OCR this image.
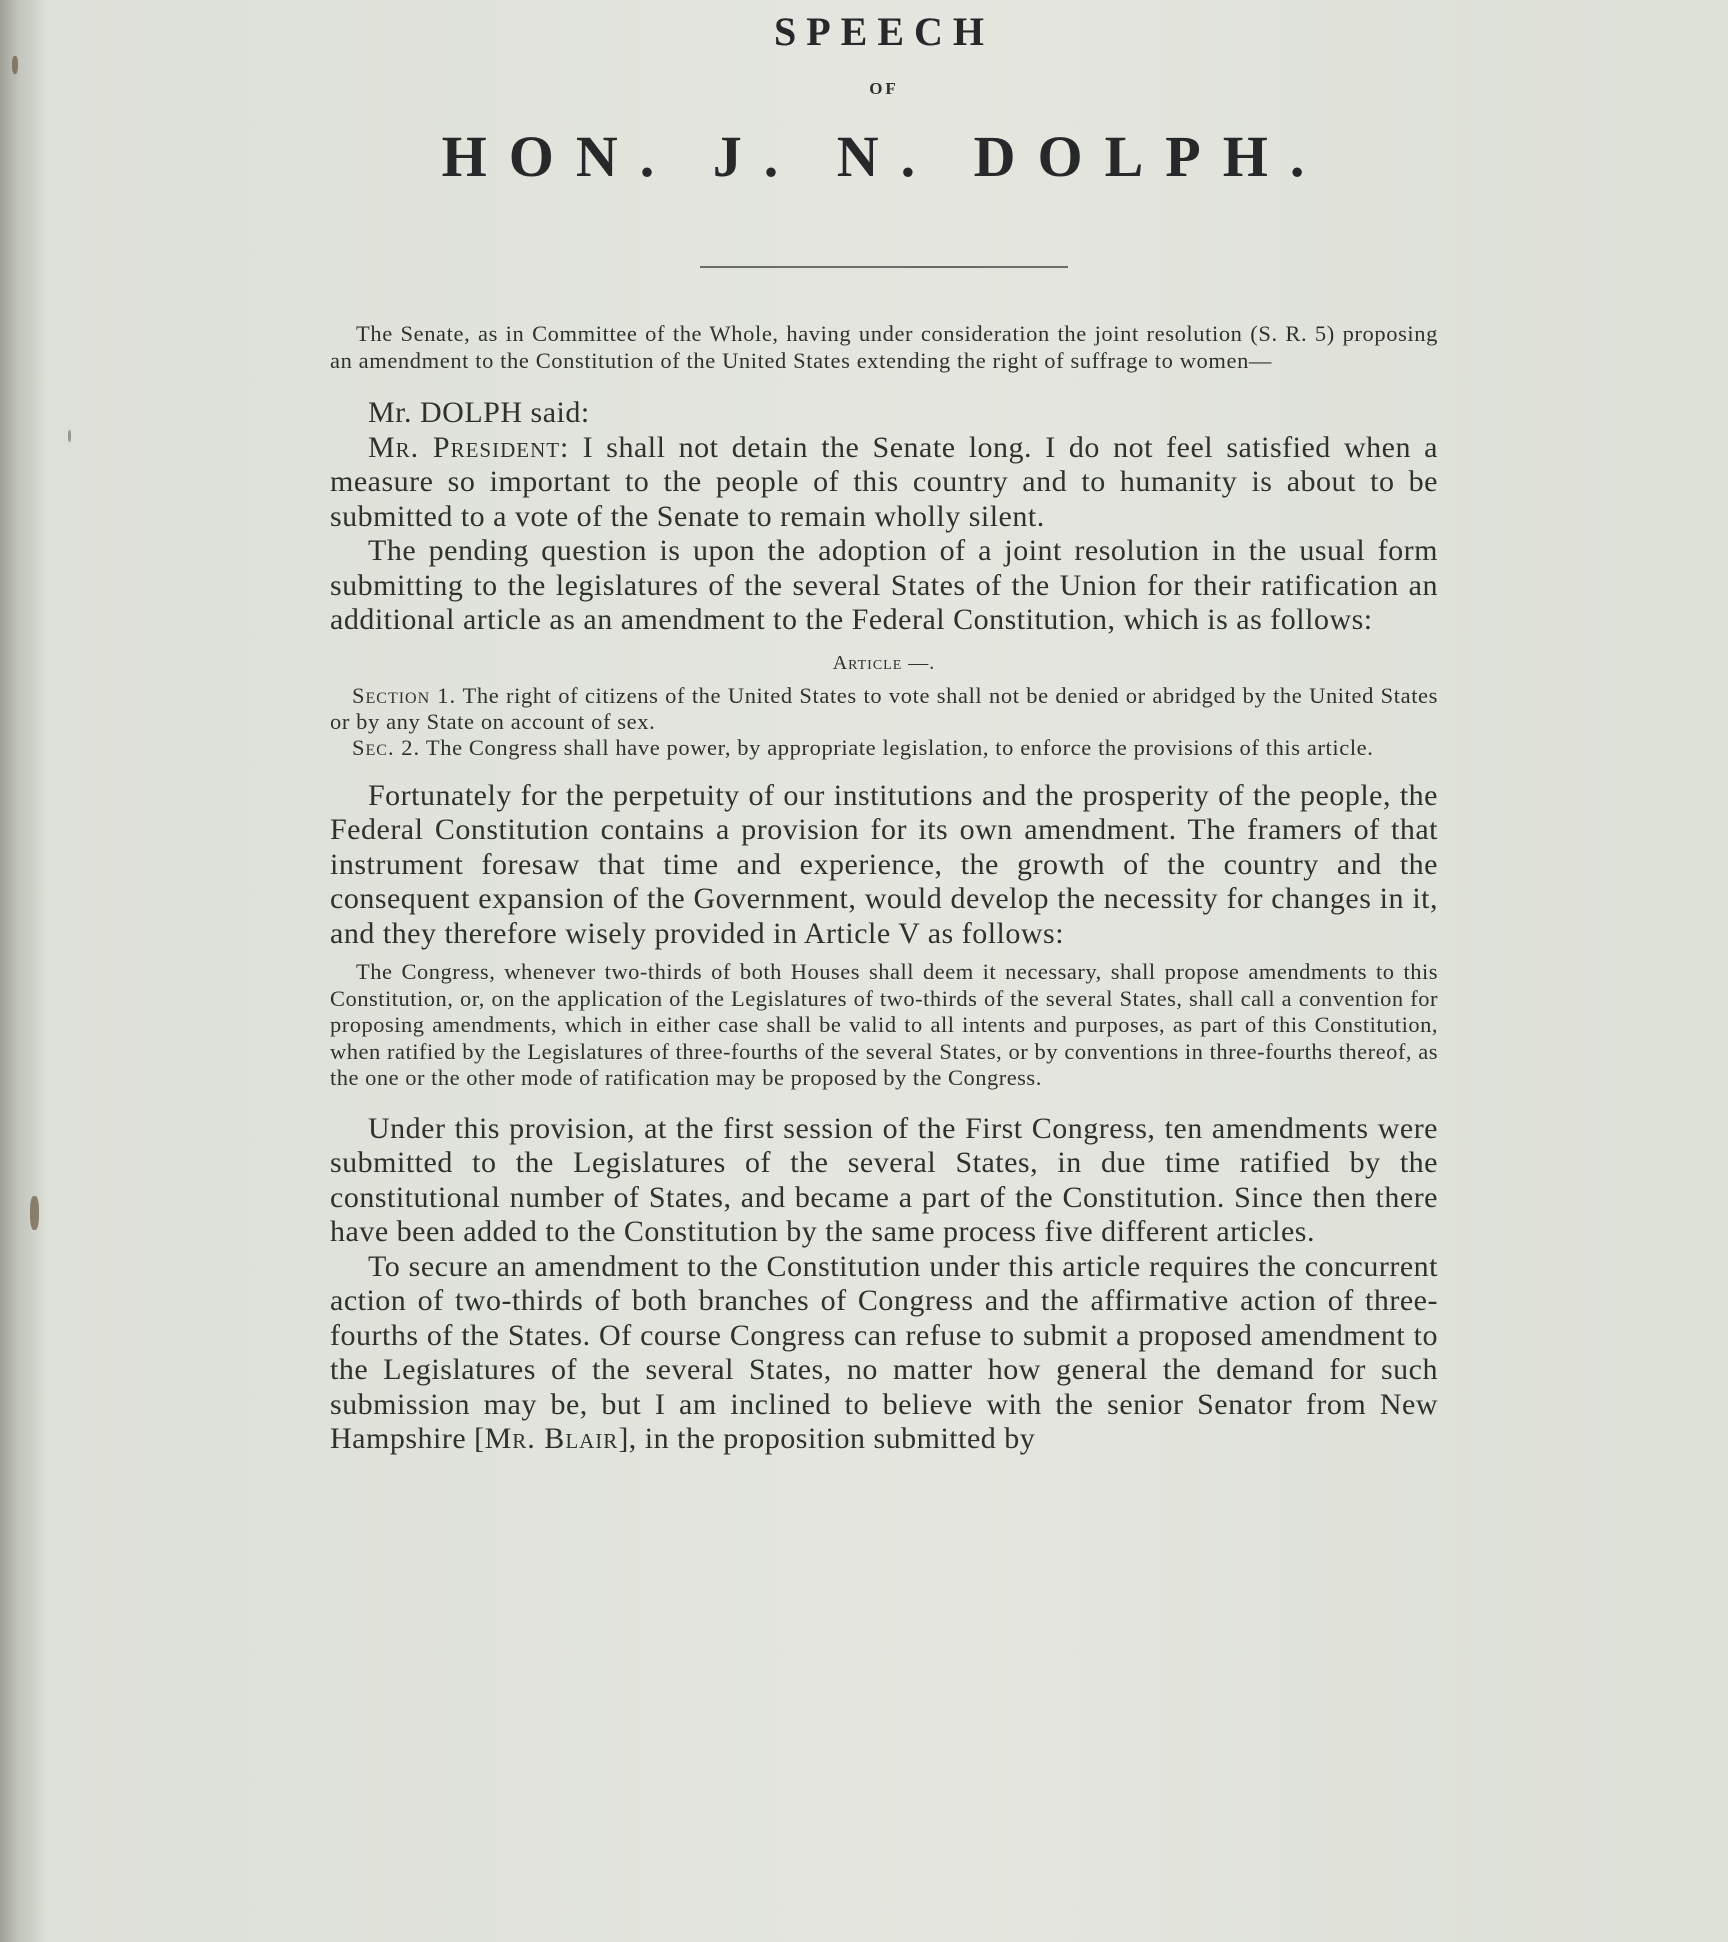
SPEECH
OF
HON. J. N. DOLPH.

The Senate, as in Committee of the Whole, having under consideration the joint resolution (S. R. 5) proposing an amendment to the Constitution of the United States extending the right of suffrage to women—

Mr. DOLPH said:

Mr. President: I shall not detain the Senate long. I do not feel satisfied when a measure so important to the people of this country and to humanity is about to be submitted to a vote of the Senate to remain wholly silent.

The pending question is upon the adoption of a joint resolution in the usual form submitting to the legislatures of the several States of the Union for their ratification an additional article as an amendment to the Federal Constitution, which is as follows:

Article —.

Section 1. The right of citizens of the United States to vote shall not be denied or abridged by the United States or by any State on account of sex.

Sec. 2. The Congress shall have power, by appropriate legislation, to enforce the provisions of this article.

Fortunately for the perpetuity of our institutions and the prosperity of the people, the Federal Constitution contains a provision for its own amendment. The framers of that instrument foresaw that time and experience, the growth of the country and the consequent expansion of the Government, would develop the necessity for changes in it, and they therefore wisely provided in Article V as follows:

The Congress, whenever two-thirds of both Houses shall deem it necessary, shall propose amendments to this Constitution, or, on the application of the Legislatures of two-thirds of the several States, shall call a convention for proposing amendments, which in either case shall be valid to all intents and purposes, as part of this Constitution, when ratified by the Legislatures of three-fourths of the several States, or by conventions in three-fourths thereof, as the one or the other mode of ratification may be proposed by the Congress.

Under this provision, at the first session of the First Congress, ten amendments were submitted to the Legislatures of the several States, in due time ratified by the constitutional number of States, and became a part of the Constitution. Since then there have been added to the Constitution by the same process five different articles.

To secure an amendment to the Constitution under this article requires the concurrent action of two-thirds of both branches of Congress and the affirmative action of three-fourths of the States. Of course Congress can refuse to submit a proposed amendment to the Legislatures of the several States, no matter how general the demand for such submission may be, but I am inclined to believe with the senior Senator from New Hampshire [Mr. Blair], in the proposition submitted by
